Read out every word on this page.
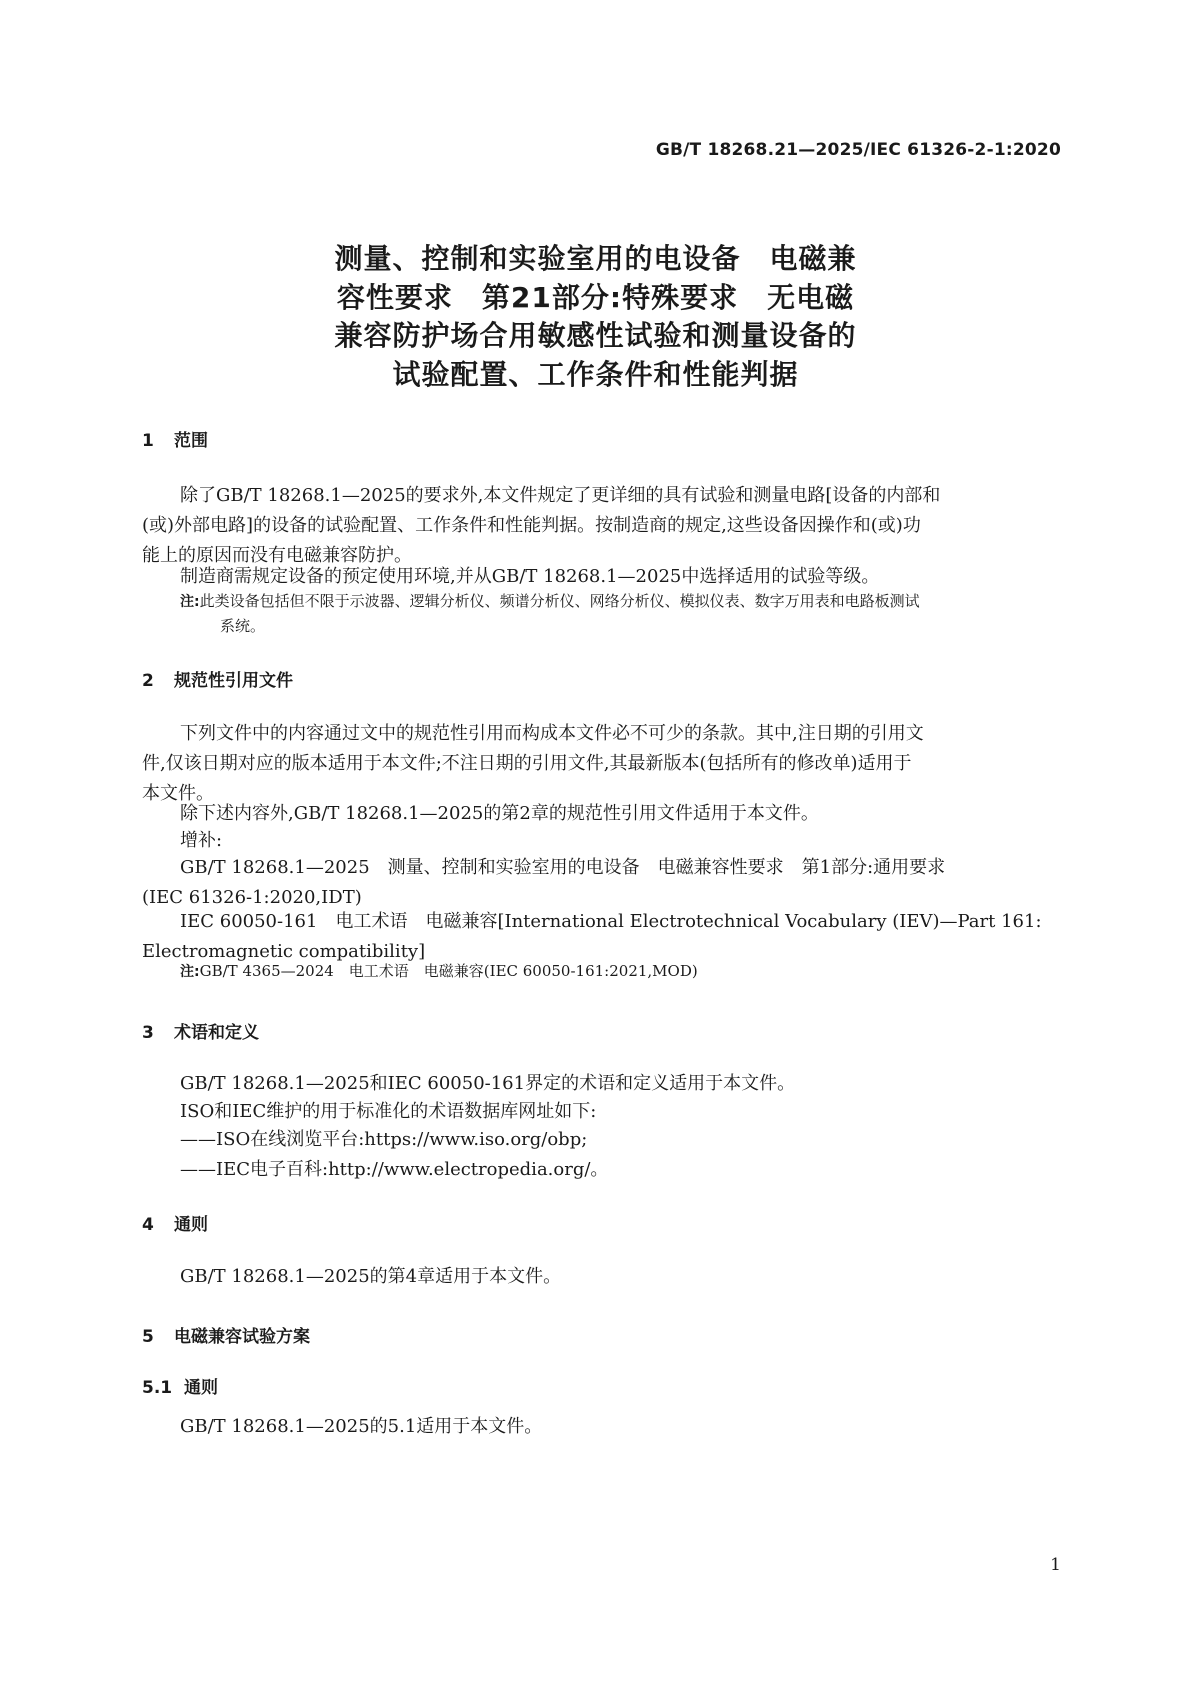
GB/T 18268.21—2025/IEC 61326-2-1:2020
测量、控制和实验室用的电设备　电磁兼
容性要求　第21部分:特殊要求　无电磁
兼容防护场合用敏感性试验和测量设备的
试验配置、工作条件和性能判据
1 范围
除了GB/T 18268.1—2025的要求外,本文件规定了更详细的具有试验和测量电路[设备的内部和
(或)外部电路]的设备的试验配置、工作条件和性能判据。按制造商的规定,这些设备因操作和(或)功
能上的原因而没有电磁兼容防护。
制造商需规定设备的预定使用环境,并从GB/T 18268.1—2025中选择适用的试验等级。
注:此类设备包括但不限于示波器、逻辑分析仪、频谱分析仪、网络分析仪、模拟仪表、数字万用表和电路板测试
系统。
2 规范性引用文件
下列文件中的内容通过文中的规范性引用而构成本文件必不可少的条款。其中,注日期的引用文
件,仅该日期对应的版本适用于本文件;不注日期的引用文件,其最新版本(包括所有的修改单)适用于
本文件。
除下述内容外,GB/T 18268.1—2025的第2章的规范性引用文件适用于本文件。
增补:
GB/T 18268.1—2025　测量、控制和实验室用的电设备　电磁兼容性要求　第1部分:通用要求
(IEC 61326-1:2020,IDT)
IEC 60050-161　电工术语　电磁兼容[International Electrotechnical Vocabulary (IEV)—Part 161:
Electromagnetic compatibility]
注:GB/T 4365—2024　电工术语　电磁兼容(IEC 60050-161:2021,MOD)
3 术语和定义
GB/T 18268.1—2025和IEC 60050-161界定的术语和定义适用于本文件。
ISO和IEC维护的用于标准化的术语数据库网址如下:
——ISO在线浏览平台:https://www.iso.org/obp;
——IEC电子百科:http://www.electropedia.org/。
4 通则
GB/T 18268.1—2025的第4章适用于本文件。
5 电磁兼容试验方案
5.1 通则
GB/T 18268.1—2025的5.1适用于本文件。
1
